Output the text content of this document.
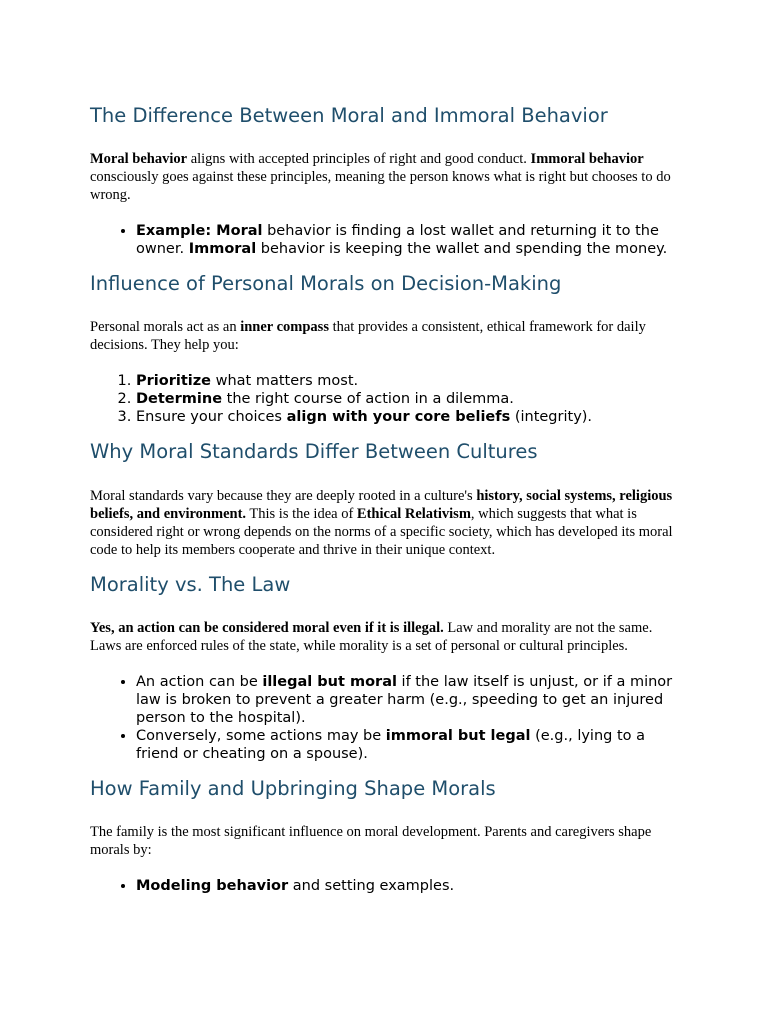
The Difference Between Moral and Immoral Behavior

Moral behavior aligns with accepted principles of right and good conduct. Immoral behavior consciously goes against these principles, meaning the person knows what is right but chooses to do wrong.

• Example: Moral behavior is finding a lost wallet and returning it to the owner. Immoral behavior is keeping the wallet and spending the money.
Influence of Personal Morals on Decision-Making

Personal morals act as an inner compass that provides a consistent, ethical framework for daily decisions. They help you:

1. Prioritize what matters most.
2. Determine the right course of action in a dilemma.
3. Ensure your choices align with your core beliefs (integrity).
Why Moral Standards Differ Between Cultures

Moral standards vary because they are deeply rooted in a culture's history, social systems, religious beliefs, and environment. This is the idea of Ethical Relativism, which suggests that what is considered right or wrong depends on the norms of a specific society, which has developed its moral code to help its members cooperate and thrive in their unique context.

Morality vs. The Law

Yes, an action can be considered moral even if it is illegal. Law and morality are not the same. Laws are enforced rules of the state, while morality is a set of personal or cultural principles.

• An action can be illegal but moral if the law itself is unjust, or if a minor law is broken to prevent a greater harm (e.g., speeding to get an injured person to the hospital).
• Conversely, some actions may be immoral but legal (e.g., lying to a friend or cheating on a spouse).
How Family and Upbringing Shape Morals

The family is the most significant influence on moral development. Parents and caregivers shape morals by:

• Modeling behavior and setting examples.
